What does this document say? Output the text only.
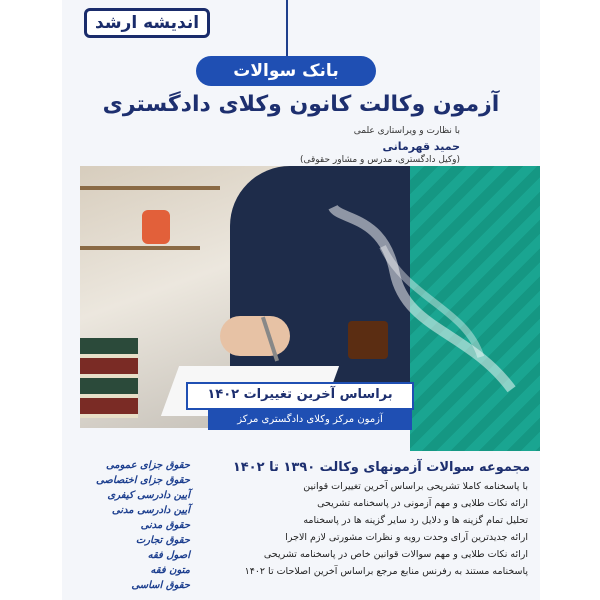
اندیشه ارشد
بانک سوالات
آزمون وکالت کانون وکلای دادگستری
با نظارت و ویراستاری علمی
حمید قهرمانی
(وکیل دادگستری، مدرس و مشاور حقوقی)
براساس آخرین تغییرات ۱۴۰۲
آزمون مرکز وکلای دادگستری مرکز
مجموعه سوالات آزمونهای وکالت ۱۳۹۰ تا ۱۴۰۲
با پاسخنامه کاملا تشریحی براساس آخرین تغییرات قوانین
ارائه نکات طلایی و مهم آزمونی در پاسخنامه تشریحی
تحلیل تمام گزینه ها و دلایل رد سایر گزینه ها در پاسخنامه
ارائه جدیدترین آرای وحدت رویه و نظرات مشورتی لازم الاجرا
ارائه نکات طلایی و مهم سوالات قوانین خاص در پاسخنامه تشریحی
پاسخنامه مستند به رفرنس منابع مرجع براساس آخرین اصلاحات تا ۱۴۰۲
حقوق جزای عمومی
حقوق جزای اختصاصی
آیین دادرسی کیفری
آیین دادرسی مدنی
حقوق مدنی
حقوق تجارت
اصول فقه
متون فقه
حقوق اساسی
